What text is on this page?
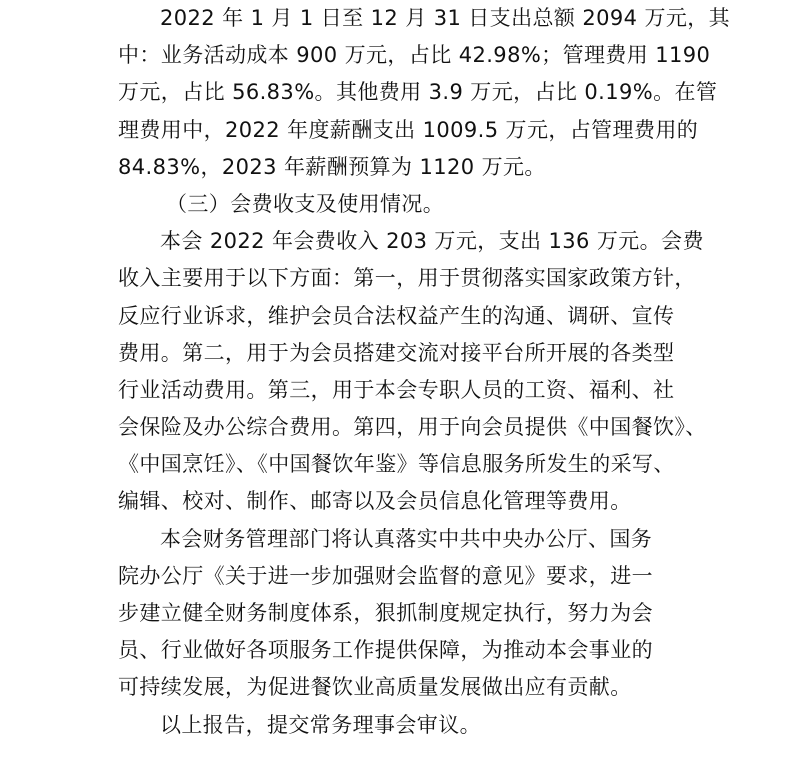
2022 年 1 月 1 日至 12 月 31 日支出总额 2094 万元，其
中：业务活动成本 900 万元，占比 42.98%；管理费用 1190
万元，占比 56.83%。其他费用 3.9 万元，占比 0.19%。在管
理费用中，2022 年度薪酬支出 1009.5 万元，占管理费用的
84.83%，2023 年薪酬预算为 1120 万元。
（三）会费收支及使用情况。
本会 2022 年会费收入 203 万元，支出 136 万元。会费
收入主要用于以下方面：第一，用于贯彻落实国家政策方针，
反应行业诉求，维护会员合法权益产生的沟通、调研、宣传
费用。第二，用于为会员搭建交流对接平台所开展的各类型
行业活动费用。第三，用于本会专职人员的工资、福利、社
会保险及办公综合费用。第四，用于向会员提供《中国餐饮》、
《中国烹饪》、《中国餐饮年鉴》等信息服务所发生的采写、
编辑、校对、制作、邮寄以及会员信息化管理等费用。
本会财务管理部门将认真落实中共中央办公厅、国务
院办公厅《关于进一步加强财会监督的意见》要求，进一
步建立健全财务制度体系，狠抓制度规定执行，努力为会
员、行业做好各项服务工作提供保障，为推动本会事业的
可持续发展，为促进餐饮业高质量发展做出应有贡献。
以上报告，提交常务理事会审议。
